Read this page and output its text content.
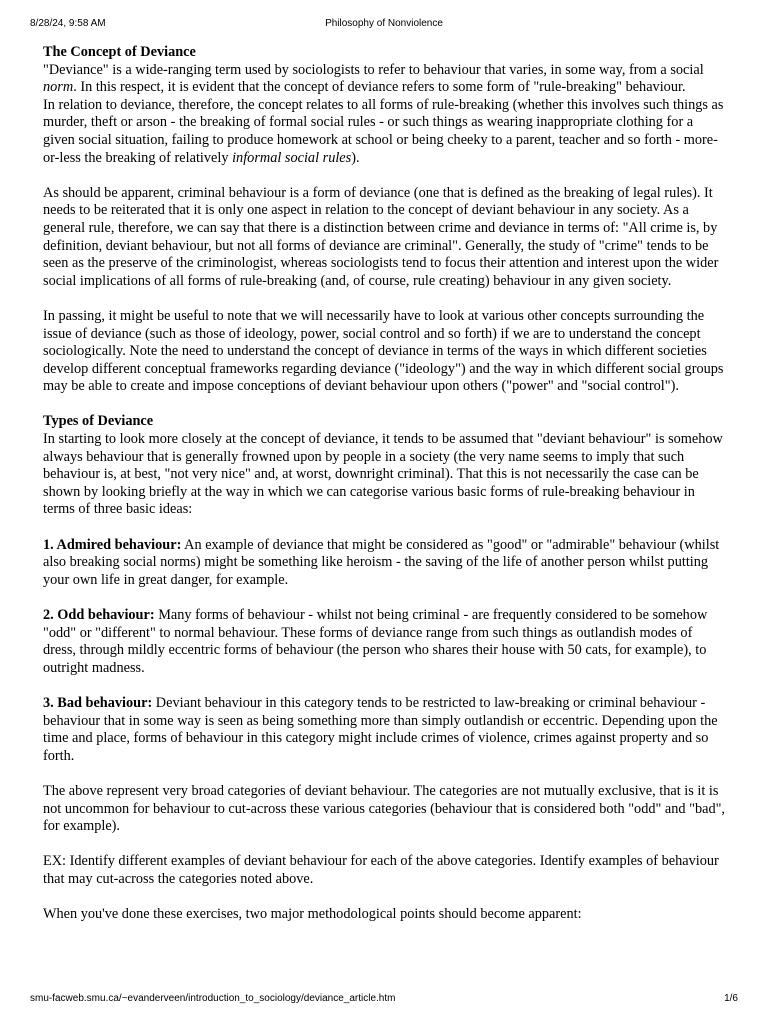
8/28/24, 9:58 AM	Philosophy of Nonviolence

The Concept of Deviance

"Deviance" is a wide-ranging term used by sociologists to refer to behaviour that varies, in some way, from a social norm. In this respect, it is evident that the concept of deviance refers to some form of "rule-breaking" behaviour.

In relation to deviance, therefore, the concept relates to all forms of rule-breaking (whether this involves such things as murder, theft or arson - the breaking of formal social rules - or such things as wearing inappropriate clothing for a given social situation, failing to produce homework at school or being cheeky to a parent, teacher and so forth - more-or-less the breaking of relatively informal social rules).

As should be apparent, criminal behaviour is a form of deviance (one that is defined as the breaking of legal rules). It needs to be reiterated that it is only one aspect in relation to the concept of deviant behaviour in any society. As a general rule, therefore, we can say that there is a distinction between crime and deviance in terms of: "All crime is, by definition, deviant behaviour, but not all forms of deviance are criminal". Generally, the study of "crime" tends to be seen as the preserve of the criminologist, whereas sociologists tend to focus their attention and interest upon the wider social implications of all forms of rule-breaking (and, of course, rule creating) behaviour in any given society.

In passing, it might be useful to note that we will necessarily have to look at various other concepts surrounding the issue of deviance (such as those of ideology, power, social control and so forth) if we are to understand the concept sociologically. Note the need to understand the concept of deviance in terms of the ways in which different societies develop different conceptual frameworks regarding deviance ("ideology") and the way in which different social groups may be able to create and impose conceptions of deviant behaviour upon others ("power" and "social control").

Types of Deviance

In starting to look more closely at the concept of deviance, it tends to be assumed that "deviant behaviour" is somehow always behaviour that is generally frowned upon by people in a society (the very name seems to imply that such behaviour is, at best, "not very nice" and, at worst, downright criminal). That this is not necessarily the case can be shown by looking briefly at the way in which we can categorise various basic forms of rule-breaking behaviour in terms of three basic ideas:

1. Admired behaviour: An example of deviance that might be considered as "good" or "admirable" behaviour (whilst also breaking social norms) might be something like heroism - the saving of the life of another person whilst putting your own life in great danger, for example.

2. Odd behaviour: Many forms of behaviour - whilst not being criminal - are frequently considered to be somehow "odd" or "different" to normal behaviour. These forms of deviance range from such things as outlandish modes of dress, through mildly eccentric forms of behaviour (the person who shares their house with 50 cats, for example), to outright madness.

3. Bad behaviour: Deviant behaviour in this category tends to be restricted to law-breaking or criminal behaviour - behaviour that in some way is seen as being something more than simply outlandish or eccentric. Depending upon the time and place, forms of behaviour in this category might include crimes of violence, crimes against property and so forth.

The above represent very broad categories of deviant behaviour. The categories are not mutually exclusive, that is it is not uncommon for behaviour to cut-across these various categories (behaviour that is considered both "odd" and "bad", for example).

EX: Identify different examples of deviant behaviour for each of the above categories. Identify examples of behaviour that may cut-across the categories noted above.

When you've done these exercises, two major methodological points should become apparent:

smu-facweb.smu.ca/~evanderveen/introduction_to_sociology/deviance_article.htm	1/6
